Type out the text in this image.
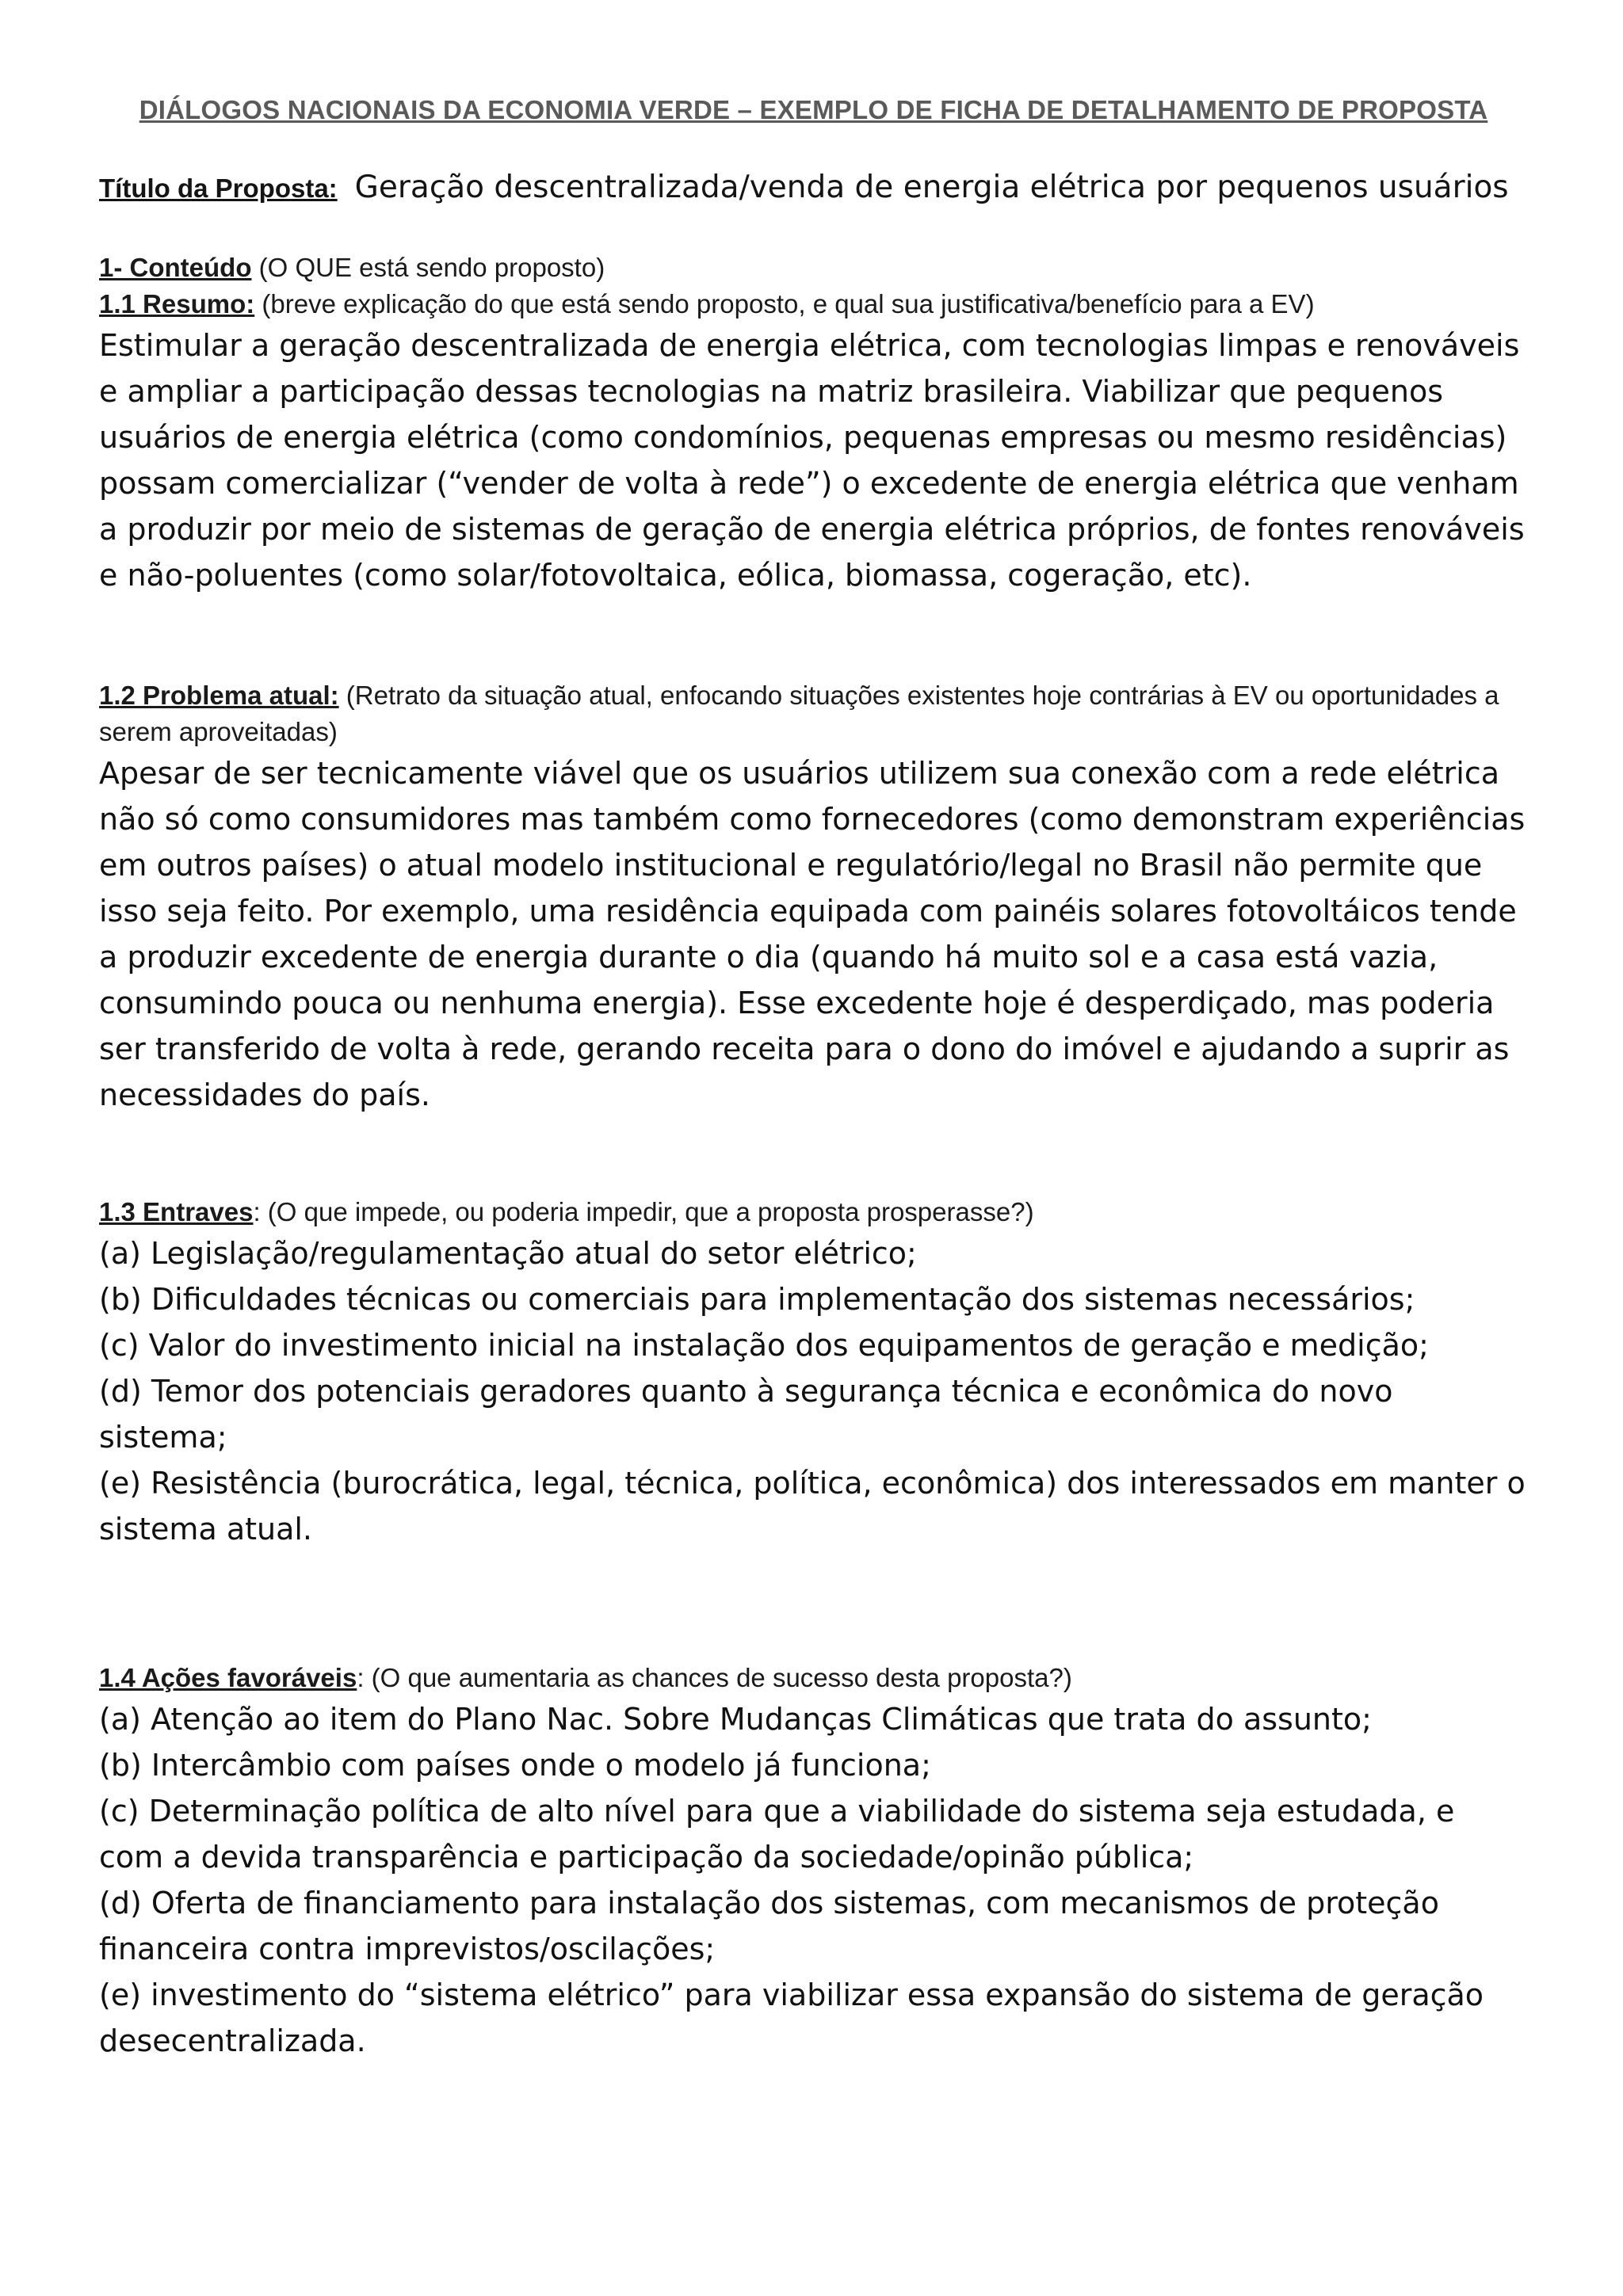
DIÁLOGOS NACIONAIS DA ECONOMIA VERDE – EXEMPLO DE FICHA DE DETALHAMENTO DE PROPOSTA
Título da Proposta: Geração descentralizada/venda de energia elétrica por pequenos usuários

1- Conteúdo (O QUE está sendo proposto)

1.1 Resumo: (breve explicação do que está sendo proposto, e qual sua justificativa/benefício para a EV)

Estimular a geração descentralizada de energia elétrica, com tecnologias limpas e renováveis e ampliar a participação dessas tecnologias na matriz brasileira. Viabilizar que pequenos usuários de energia elétrica (como condomínios, pequenas empresas ou mesmo residências) possam comercializar (“vender de volta à rede”) o excedente de energia elétrica que venham a produzir por meio de sistemas de geração de energia elétrica próprios, de fontes renováveis e não-poluentes (como solar/fotovoltaica, eólica, biomassa, cogeração, etc).

1.2 Problema atual: (Retrato da situação atual, enfocando situações existentes hoje contrárias à EV ou oportunidades a serem aproveitadas)

Apesar de ser tecnicamente viável que os usuários utilizem sua conexão com a rede elétrica não só como consumidores mas também como fornecedores (como demonstram experiências em outros países) o atual modelo institucional e regulatório/legal no Brasil não permite que isso seja feito. Por exemplo, uma residência equipada com painéis solares fotovoltáicos tende a produzir excedente de energia durante o dia (quando há muito sol e a casa está vazia, consumindo pouca ou nenhuma energia). Esse excedente hoje é desperdiçado, mas poderia ser transferido de volta à rede, gerando receita para o dono do imóvel e ajudando a suprir as necessidades do país.

1.3 Entraves: (O que impede, ou poderia impedir, que a proposta prosperasse?)

(a) Legislação/regulamentação atual do setor elétrico;
(b) Dificuldades técnicas ou comerciais para implementação dos sistemas necessários;
(c) Valor do investimento inicial na instalação dos equipamentos de geração e medição;
(d) Temor dos potenciais geradores quanto à segurança técnica e econômica do novo sistema;
(e) Resistência (burocrática, legal, técnica, política, econômica) dos interessados em manter o sistema atual.

1.4 Ações favoráveis: (O que aumentaria as chances de sucesso desta proposta?)

(a) Atenção ao item do Plano Nac. Sobre Mudanças Climáticas que trata do assunto;
(b) Intercâmbio com países onde o modelo já funciona;
(c) Determinação política de alto nível para que a viabilidade do sistema seja estudada, e com a devida transparência e participação da sociedade/opinão pública;
(d) Oferta de financiamento para instalação dos sistemas, com mecanismos de proteção financeira contra imprevistos/oscilações;
(e) investimento do “sistema elétrico” para viabilizar essa expansão do sistema de geração desecentralizada.
